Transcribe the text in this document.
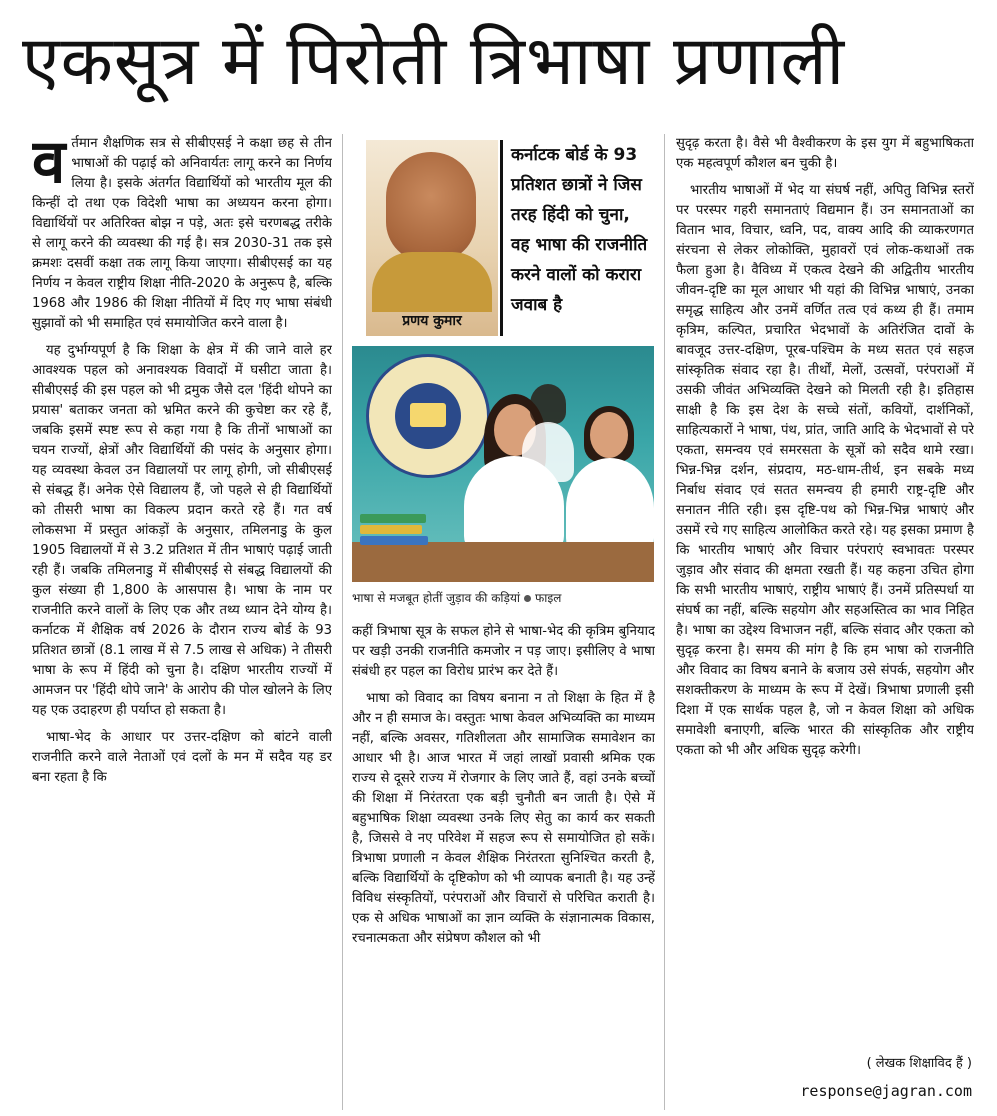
एकसूत्र में पिरोती त्रिभाषा प्रणाली

वर्तमान शैक्षणिक सत्र से सीबीएसई ने कक्षा छह से तीन भाषाओं की पढ़ाई को अनिवार्यतः लागू करने का निर्णय लिया है। इसके अंतर्गत विद्यार्थियों को भारतीय मूल की किन्हीं दो तथा एक विदेशी भाषा का अध्ययन करना होगा। विद्यार्थियों पर अतिरिक्त बोझ न पड़े, अतः इसे चरणबद्ध तरीके से लागू करने की व्यवस्था की गई है। सत्र 2030-31 तक इसे क्रमशः दसवीं कक्षा तक लागू किया जाएगा। सीबीएसई का यह निर्णय न केवल राष्ट्रीय शिक्षा नीति-2020 के अनुरूप है, बल्कि 1968 और 1986 की शिक्षा नीतियों में दिए गए भाषा संबंधी सुझावों को भी समाहित एवं समायोजित करने वाला है।

यह दुर्भाग्यपूर्ण है कि शिक्षा के क्षेत्र में की जाने वाले हर आवश्यक पहल को अनावश्यक विवादों में घसीटा जाता है। सीबीएसई की इस पहल को भी द्रमुक जैसे दल 'हिंदी थोपने का प्रयास' बताकर जनता को भ्रमित करने की कुचेष्टा कर रहे हैं, जबकि इसमें स्पष्ट रूप से कहा गया है कि तीनों भाषाओं का चयन राज्यों, क्षेत्रों और विद्यार्थियों की पसंद के अनुसार होगा। यह व्यवस्था केवल उन विद्यालयों पर लागू होगी, जो सीबीएसई से संबद्ध हैं। अनेक ऐसे विद्यालय हैं, जो पहले से ही विद्यार्थियों को तीसरी भाषा का विकल्प प्रदान करते रहे हैं। गत वर्ष लोकसभा में प्रस्तुत आंकड़ों के अनुसार, तमिलनाडु के कुल 1905 विद्यालयों में से 3.2 प्रतिशत में तीन भाषाएं पढ़ाई जाती रही हैं। जबकि तमिलनाडु में सीबीएसई से संबद्ध विद्यालयों की कुल संख्या ही 1,800 के आसपास है। भाषा के नाम पर राजनीति करने वालों के लिए एक और तथ्य ध्यान देने योग्य है। कर्नाटक में शैक्षिक वर्ष 2026 के दौरान राज्य बोर्ड के 93 प्रतिशत छात्रों (8.1 लाख में से 7.5 लाख से अधिक) ने तीसरी भाषा के रूप में हिंदी को चुना है। दक्षिण भारतीय राज्यों में आमजन पर 'हिंदी थोपे जाने' के आरोप की पोल खोलने के लिए यह एक उदाहरण ही पर्याप्त हो सकता है।

भाषा-भेद के आधार पर उत्तर-दक्षिण को बांटने वाली राजनीति करने वाले नेताओं एवं दलों के मन में सदैव यह डर बना रहता है कि

प्रणय कुमार
कर्नाटक बोर्ड के 93 प्रतिशत छात्रों ने जिस तरह हिंदी को चुना, वह भाषा की राजनीति करने वालों को करारा जवाब है
भाषा से मजबूत होतीं जुड़ाव की कड़ियां फाइल

कहीं त्रिभाषा सूत्र के सफल होने से भाषा-भेद की कृत्रिम बुनियाद पर खड़ी उनकी राजनीति कमजोर न पड़ जाए। इसीलिए वे भाषा संबंधी हर पहल का विरोध प्रारंभ कर देते हैं।

भाषा को विवाद का विषय बनाना न तो शिक्षा के हित में है और न ही समाज के। वस्तुतः भाषा केवल अभिव्यक्ति का माध्यम नहीं, बल्कि अवसर, गतिशीलता और सामाजिक समावेशन का आधार भी है। आज भारत में जहां लाखों प्रवासी श्रमिक एक राज्य से दूसरे राज्य में रोजगार के लिए जाते हैं, वहां उनके बच्चों की शिक्षा में निरंतरता एक बड़ी चुनौती बन जाती है। ऐसे में बहुभाषिक शिक्षा व्यवस्था उनके लिए सेतु का कार्य कर सकती है, जिससे वे नए परिवेश में सहज रूप से समायोजित हो सकें। त्रिभाषा प्रणाली न केवल शैक्षिक निरंतरता सुनिश्चित करती है, बल्कि विद्यार्थियों के दृष्टिकोण को भी व्यापक बनाती है। यह उन्हें विविध संस्कृतियों, परंपराओं और विचारों से परिचित कराती है। एक से अधिक भाषाओं का ज्ञान व्यक्ति के संज्ञानात्मक विकास, रचनात्मकता और संप्रेषण कौशल को भी

सुदृढ़ करता है। वैसे भी वैश्वीकरण के इस युग में बहुभाषिकता एक महत्वपूर्ण कौशल बन चुकी है।

भारतीय भाषाओं में भेद या संघर्ष नहीं, अपितु विभिन्न स्तरों पर परस्पर गहरी समानताएं विद्यमान हैं। उन समानताओं का वितान भाव, विचार, ध्वनि, पद, वाक्य आदि की व्याकरणगत संरचना से लेकर लोकोक्ति, मुहावरों एवं लोक-कथाओं तक फैला हुआ है। वैविध्य में एकत्व देखने की अद्वितीय भारतीय जीवन-दृष्टि का मूल आधार भी यहां की विभिन्न भाषाएं, उनका समृद्ध साहित्य और उनमें वर्णित तत्व एवं कथ्य ही हैं। तमाम कृत्रिम, कल्पित, प्रचारित भेदभावों के अतिरंजित दावों के बावजूद उत्तर-दक्षिण, पूरब-पश्चिम के मध्य सतत एवं सहज सांस्कृतिक संवाद रहा है। तीर्थों, मेलों, उत्सवों, परंपराओं में उसकी जीवंत अभिव्यक्ति देखने को मिलती रही है। इतिहास साक्षी है कि इस देश के सच्चे संतों, कवियों, दार्शनिकों, साहित्यकारों ने भाषा, पंथ, प्रांत, जाति आदि के भेदभावों से परे एकता, समन्वय एवं समरसता के सूत्रों को सदैव थामे रखा। भिन्न-भिन्न दर्शन, संप्रदाय, मठ-धाम-तीर्थ, इन सबके मध्य निर्बाध संवाद एवं सतत समन्वय ही हमारी राष्ट्र-दृष्टि और सनातन नीति रही। इस दृष्टि-पथ को भिन्न-भिन्न भाषाएं और उसमें रचे गए साहित्य आलोकित करते रहे। यह इसका प्रमाण है कि भारतीय भाषाएं और विचार परंपराएं स्वभावतः परस्पर जुड़ाव और संवाद की क्षमता रखती हैं। यह कहना उचित होगा कि सभी भारतीय भाषाएं, राष्ट्रीय भाषाएं हैं। उनमें प्रतिस्पर्धा या संघर्ष का नहीं, बल्कि सहयोग और सहअस्तित्व का भाव निहित है। भाषा का उद्देश्य विभाजन नहीं, बल्कि संवाद और एकता को सुदृढ़ करना है। समय की मांग है कि हम भाषा को राजनीति और विवाद का विषय बनाने के बजाय उसे संपर्क, सहयोग और सशक्तीकरण के माध्यम के रूप में देखें। त्रिभाषा प्रणाली इसी दिशा में एक सार्थक पहल है, जो न केवल शिक्षा को अधिक समावेशी बनाएगी, बल्कि भारत की सांस्कृतिक और राष्ट्रीय एकता को भी और अधिक सुदृढ़ करेगी।

( लेखक शिक्षाविद हैं )
response@jagran.com
